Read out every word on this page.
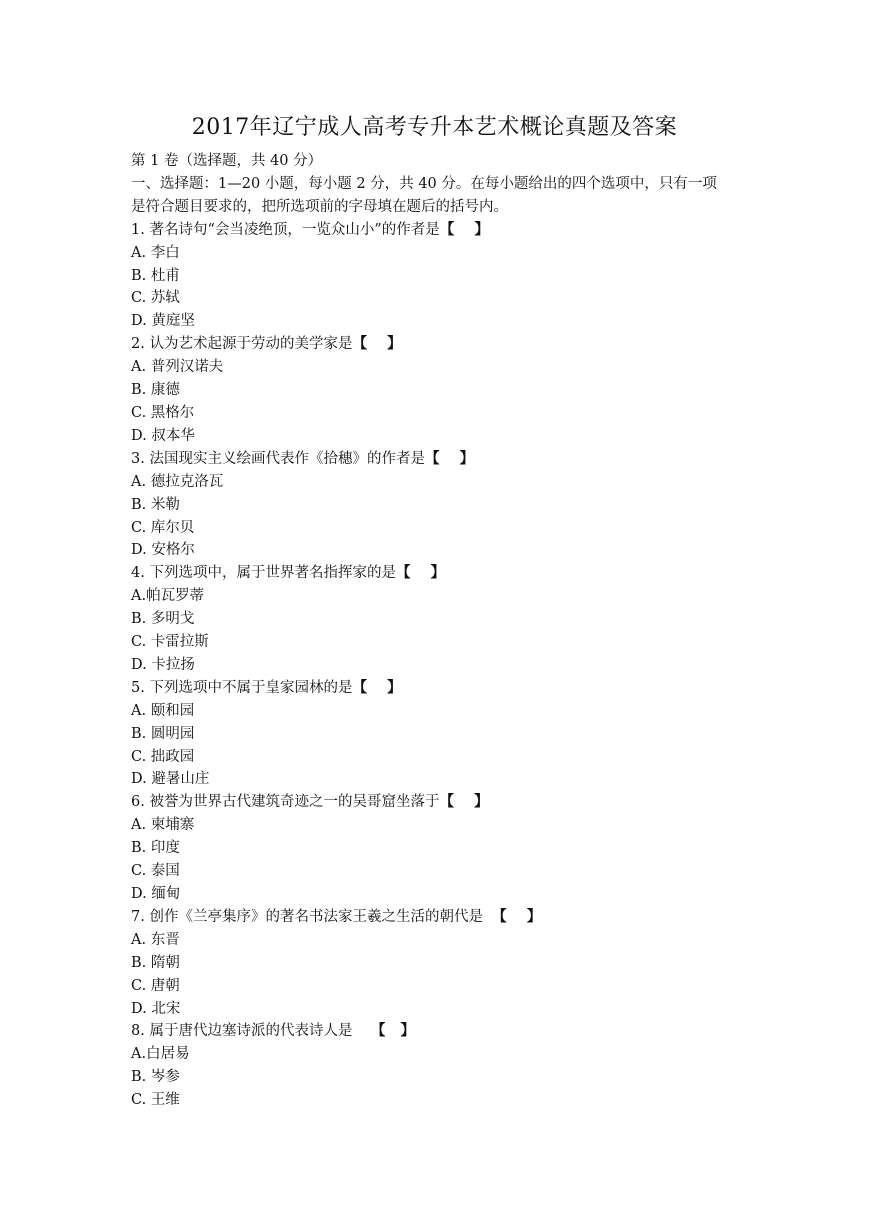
2017年辽宁成人高考专升本艺术概论真题及答案
第 1 卷（选择题，共 40 分）
一、选择题：1—20 小题，每小题 2 分，共 40 分。在每小题给出的四个选项中，只有一项
是符合题目要求的，把所选项前的字母填在题后的括号内。
1. 著名诗句“会当凌绝顶，一览众山小”的作者是【    】
A. 李白
B. 杜甫
C. 苏轼
D. 黄庭坚
2. 认为艺术起源于劳动的美学家是【    】
A. 普列汉诺夫
B. 康德
C. 黑格尔
D. 叔本华
3. 法国现实主义绘画代表作《拾穗》的作者是【    】
A. 德拉克洛瓦
B. 米勒
C. 库尔贝
D. 安格尔
4. 下列选项中，属于世界著名指挥家的是【    】
A.帕瓦罗蒂
B. 多明戈
C. 卡雷拉斯
D. 卡拉扬
5. 下列选项中不属于皇家园林的是【    】
A. 颐和园
B. 圆明园
C. 拙政园
D. 避暑山庄
6. 被誉为世界古代建筑奇迹之一的吴哥窟坐落于【    】
A. 柬埔寨
B. 印度
C. 泰国
D. 缅甸
7. 创作《兰亭集序》的著名书法家王羲之生活的朝代是  【    】
A. 东晋
B. 隋朝
C. 唐朝
D. 北宋
8. 属于唐代边塞诗派的代表诗人是    【   】
A.白居易
B. 岑参
C. 王维
